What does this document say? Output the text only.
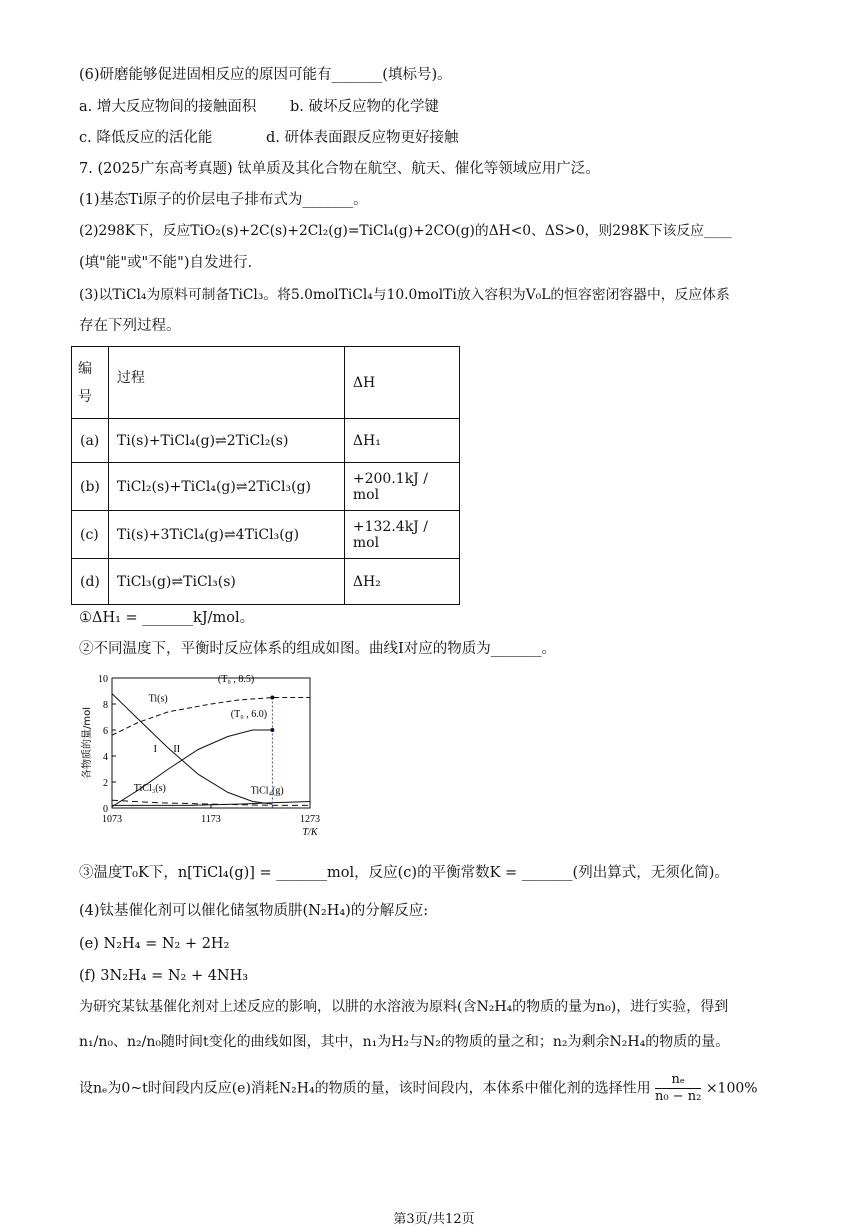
(6)研磨能够促进固相反应的原因可能有_______(填标号)。
a. 增大反应物间的接触面积 b. 破坏反应物的化学键
c. 降低反应的活化能	d. 研体表面跟反应物更好接触
7. (2025广东高考真题) 钛单质及其化合物在航空、航天、催化等领域应用广泛。
(1)基态Ti原子的价层电子排布式为_______。
(2)298K下，反应TiO₂(s)+2C(s)+2Cl₂(g)=TiCl₄(g)+2CO(g)的ΔH<0、ΔS>0，则298K下该反应____
(填"能"或"不能")自发进行.
(3)以TiCl₄为原料可制备TiCl₃。将5.0molTiCl₄与10.0molTi放入容积为V₀L的恒容密闭容器中，反应体系
存在下列过程。
编号	过程	ΔH
(a)	Ti(s)+TiCl₄(g)⇌2TiCl₂(s)	ΔH₁
(b)	TiCl₂(s)+TiCl₄(g)⇌2TiCl₃(g)	+200.1kJ / mol
(c)	Ti(s)+3TiCl₄(g)⇌4TiCl₃(g)	+132.4kJ / mol
(d)	TiCl₃(g)⇌TiCl₃(s)	ΔH₂
①ΔH₁ = _______kJ/mol。
②不同温度下，平衡时反应体系的组成如图。曲线Ⅰ对应的物质为_______。
0
2
4
6
8
10
1073	1173	1273
T/K
各物质的量/mol
Ti(s)
I II
TiCl₃(s)	TiCl₄(g)
(T₀ , 8.5)
(T₀ , 6.0)
③温度T₀K下，n[TiCl₄(g)] = _______mol，反应(c)的平衡常数K = _______(列出算式，无须化简)。
(4)钛基催化剂可以催化储氢物质肼(N₂H₄)的分解反应:
(e) N₂H₄ = N₂ + 2H₂
(f) 3N₂H₄ = N₂ + 4NH₃
为研究某钛基催化剂对上述反应的影响，以肼的水溶液为原料(含N₂H₄的物质的量为n₀)，进行实验，得到
n₁/n₀、n₂/n₀随时间t变化的曲线如图，其中，n₁为H₂与N₂的物质的量之和；n₂为剩余N₂H₄的物质的量。
设nₑ为0~t时间段内反应(e)消耗N₂H₄的物质的量，该时间段内，本体系中催化剂的选择性用 $\frac{\text{nₑ}}{\text{n₀ − n₂}} \times 100\%$
第3页/共12页
